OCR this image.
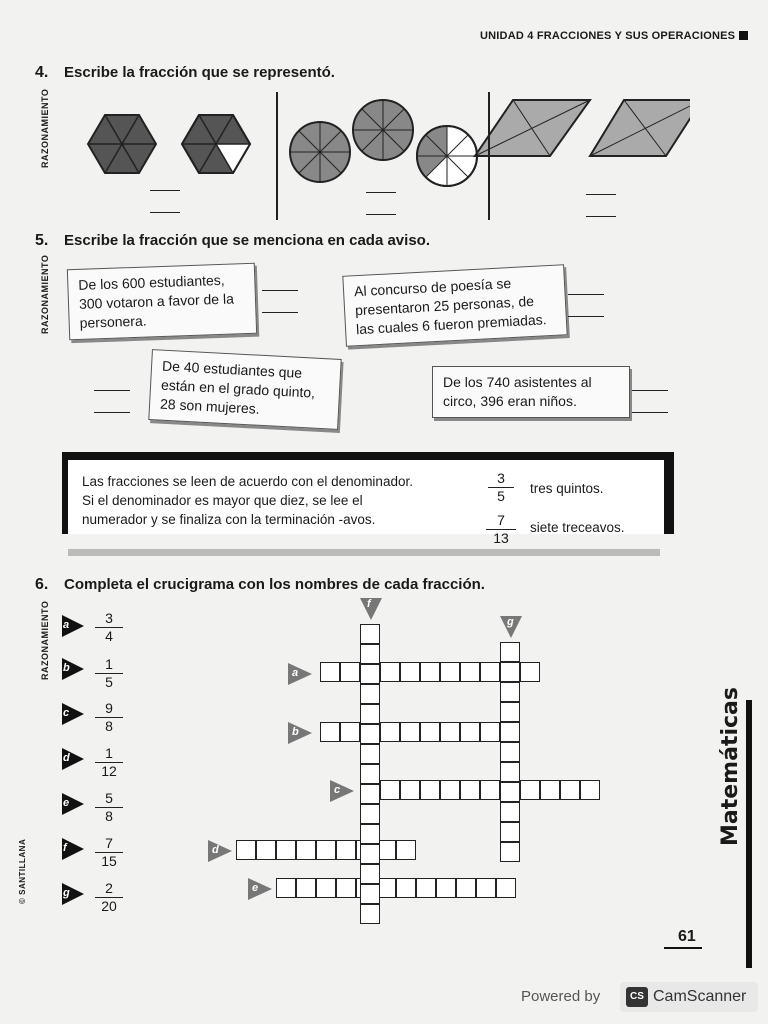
UNIDAD 4 FRACCIONES Y SUS OPERACIONES
RAZONAMIENTO
4. Escribe la fracción que se representó.
RAZONAMIENTO
5. Escribe la fracción que se menciona en cada aviso.
De los 600 estudiantes, 300 votaron a favor de la personera.
Al concurso de poesía se presentaron 25 personas, de las cuales 6 fueron premiadas.
De 40 estudiantes que están en el grado quinto, 28 son mujeres.
De los 740 asistentes al circo, 396 eran niños.
Las fracciones se leen de acuerdo con el denominador.
Si el denominador es mayor que diez, se lee el
numerador y se finaliza con la terminación -avos.
$\frac{3}{5}$ tres quintos.
$\frac{7}{13}$ siete treceavos.
RAZONAMIENTO
6. Completa el crucigrama con los nombres de cada fracción.
a $\frac{3}{4}$
b $\frac{1}{5}$
c $\frac{9}{8}$
d $\frac{1}{12}$
e $\frac{5}{8}$
f $\frac{7}{15}$
g $\frac{2}{20}$
f
g
a
b
c
d
e
Matemáticas
© SANTILLANA
61
Powered by	CS CamScanner
